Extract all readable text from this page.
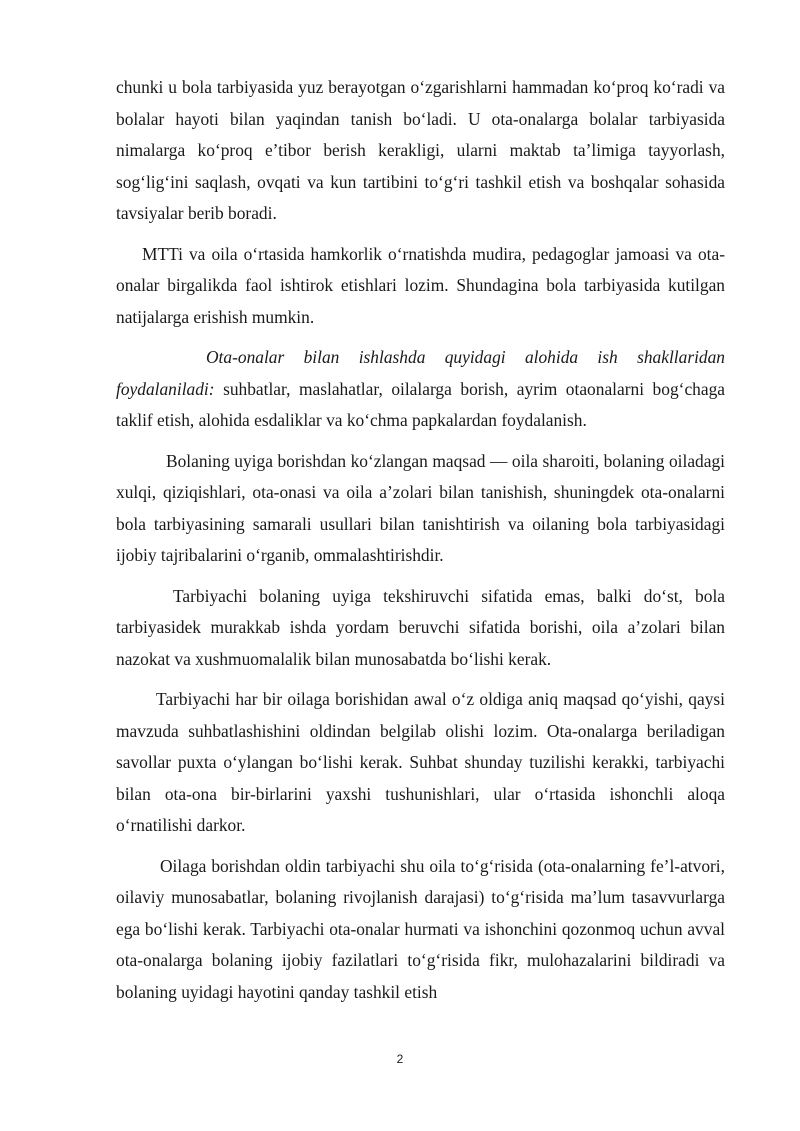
chunki u bola tarbiyasida yuz berayotgan o‘zgarishlarni hammadan ko‘proq ko‘radi va bolalar hayoti bilan yaqindan tanish bo‘ladi. U ota-onalarga bolalar tarbiyasida nimalarga ko‘proq e’tibor berish kerakligi, ularni maktab ta’limiga tayyorlash, sog‘lig‘ini saqlash, ovqati va kun tartibini to‘g‘ri tashkil etish va boshqalar sohasida tavsiyalar berib boradi.

MTTi va oila o‘rtasida hamkorlik o‘rnatishda mudira, pedagoglar jamoasi va ota-onalar birgalikda faol ishtirok etishlari lozim. Shundagina bola tarbiyasida kutilgan natijalarga erishish mumkin.

Ota-onalar bilan ishlashda quyidagi alohida ish shakllaridan foydalaniladi: suhbatlar, maslahatlar, oilalarga borish, ayrim otaonalarni bog‘chaga taklif etish, alohida esdaliklar va ko‘chma papkalardan foydalanish.

Bolaning uyiga borishdan ko‘zlangan maqsad — oila sharoiti, bolaning oiladagi xulqi, qiziqishlari, ota-onasi va oila a’zolari bilan tanishish, shuningdek ota-onalarni bola tarbiyasining samarali usullari bilan tanishtirish va oilaning bola tarbiyasidagi ijobiy tajribalarini o‘rganib, ommalashtirishdir.

Tarbiyachi bolaning uyiga tekshiruvchi sifatida emas, balki do‘st, bola tarbiyasidek murakkab ishda yordam beruvchi sifatida borishi, oila a’zolari bilan nazokat va xushmuomalalik bilan munosabatda bo‘lishi kerak.

Tarbiyachi har bir oilaga borishidan awal o‘z oldiga aniq maqsad qo‘yishi, qaysi mavzuda suhbatlashishini oldindan belgilab olishi lozim. Ota-onalarga beriladigan savollar puxta o‘ylangan bo‘lishi kerak. Suhbat shunday tuzilishi kerakki, tarbiyachi bilan ota-ona bir-birlarini yaxshi tushunishlari, ular o‘rtasida ishonchli aloqa o‘rnatilishi darkor.

Oilaga borishdan oldin tarbiyachi shu oila to‘g‘risida (ota-onalarning fe’l-atvori, oilaviy munosabatlar, bolaning rivojlanish darajasi) to‘g‘risida ma’lum tasavvurlarga ega bo‘lishi kerak. Tarbiyachi ota-onalar hurmati va ishonchini qozonmoq uchun avval ota-onalarga bolaning ijobiy fazilatlari to‘g‘risida fikr, mulohazalarini bildiradi va bolaning uyidagi hayotini qanday tashkil etish

2
